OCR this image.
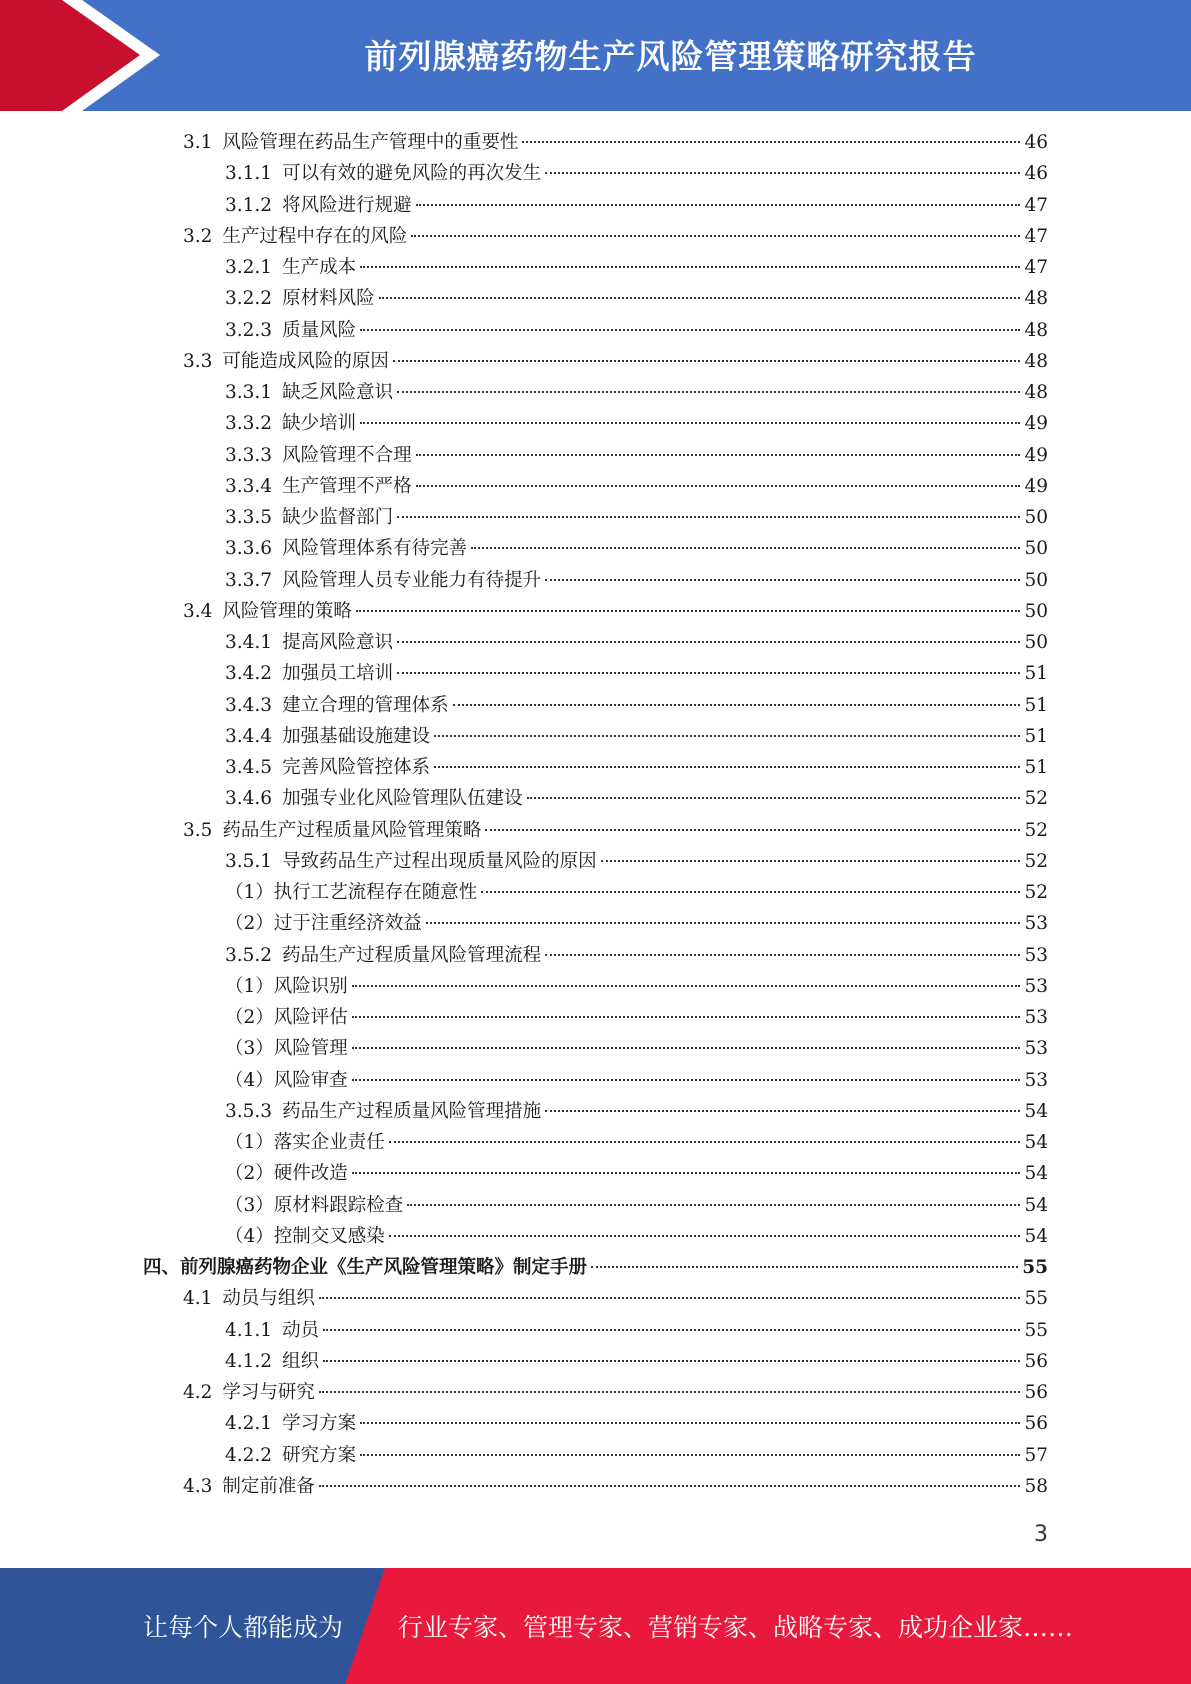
前列腺癌药物生产风险管理策略研究报告
3.1 风险管理在药品生产管理中的重要性	46
3.1.1 可以有效的避免风险的再次发生	46
3.1.2 将风险进行规避	47
3.2 生产过程中存在的风险	47
3.2.1 生产成本	47
3.2.2 原材料风险	48
3.2.3 质量风险	48
3.3 可能造成风险的原因	48
3.3.1 缺乏风险意识	48
3.3.2 缺少培训	49
3.3.3 风险管理不合理	49
3.3.4 生产管理不严格	49
3.3.5 缺少监督部门	50
3.3.6 风险管理体系有待完善	50
3.3.7 风险管理人员专业能力有待提升	50
3.4 风险管理的策略	50
3.4.1 提高风险意识	50
3.4.2 加强员工培训	51
3.4.3 建立合理的管理体系	51
3.4.4 加强基础设施建设	51
3.4.5 完善风险管控体系	51
3.4.6 加强专业化风险管理队伍建设	52
3.5 药品生产过程质量风险管理策略	52
3.5.1 导致药品生产过程出现质量风险的原因	52
（1）执行工艺流程存在随意性	52
（2）过于注重经济效益	53
3.5.2 药品生产过程质量风险管理流程	53
（1）风险识别	53
（2）风险评估	53
（3）风险管理	53
（4）风险审查	53
3.5.3 药品生产过程质量风险管理措施	54
（1）落实企业责任	54
（2）硬件改造	54
（3）原材料跟踪检查	54
（4）控制交叉感染	54
四、前列腺癌药物企业《生产风险管理策略》制定手册	55
4.1 动员与组织	55
4.1.1 动员	55
4.1.2 组织	56
4.2 学习与研究	56
4.2.1 学习方案	56
4.2.2 研究方案	57
4.3 制定前准备	58
3
让每个人都能成为 行业专家、管理专家、营销专家、战略专家、成功企业家……
